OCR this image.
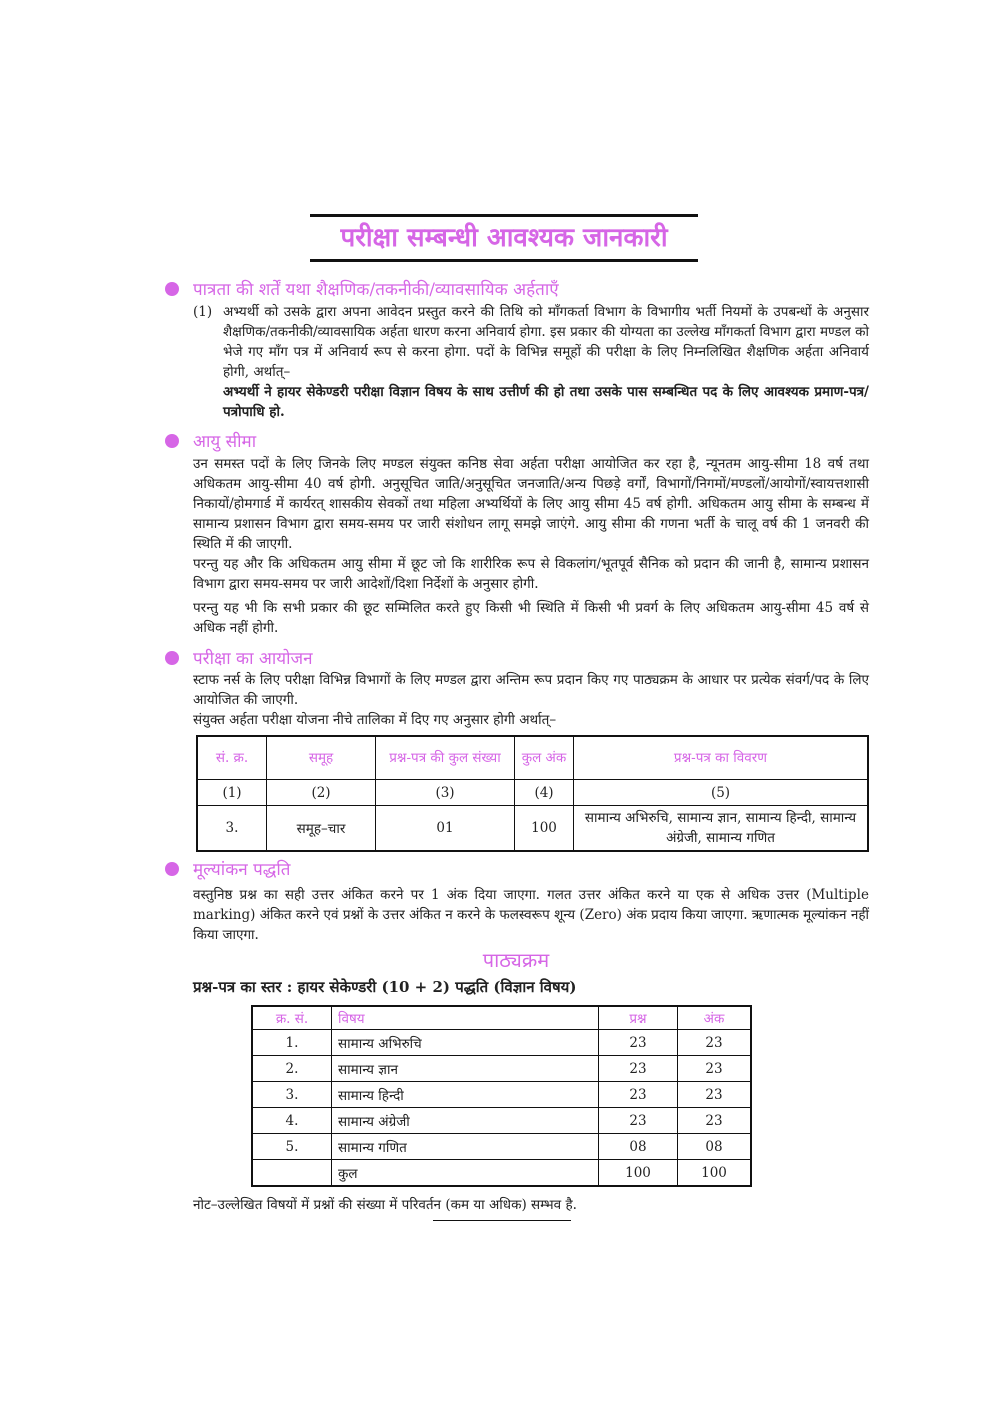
परीक्षा सम्बन्धी आवश्यक जानकारी
पात्रता की शर्तें यथा शैक्षणिक/तकनीकी/व्यावसायिक अर्हताएँ
(1) अभ्यर्थी को उसके द्वारा अपना आवेदन प्रस्तुत करने की तिथि को माँगकर्ता विभाग के विभागीय भर्ती नियमों के उपबन्धों के अनुसार शैक्षणिक/तकनीकी/व्यावसायिक अर्हता धारण करना अनिवार्य होगा. इस प्रकार की योग्यता का उल्लेख माँगकर्ता विभाग द्वारा मण्डल को भेजे गए माँग पत्र में अनिवार्य रूप से करना होगा. पदों के विभिन्न समूहों की परीक्षा के लिए निम्नलिखित शैक्षणिक अर्हता अनिवार्य होगी, अर्थात्–

अभ्यर्थी ने हायर सेकेण्डरी परीक्षा विज्ञान विषय के साथ उत्तीर्ण की हो तथा उसके पास सम्बन्धित पद के लिए आवश्यक प्रमाण-पत्र/पत्रोपाधि हो.

आयु सीमा

उन समस्त पदों के लिए जिनके लिए मण्डल संयुक्त कनिष्ठ सेवा अर्हता परीक्षा आयोजित कर रहा है, न्यूनतम आयु-सीमा 18 वर्ष तथा अधिकतम आयु-सीमा 40 वर्ष होगी. अनुसूचित जाति/अनुसूचित जनजाति/अन्य पिछड़े वर्गों, विभागों/निगमों/मण्डलों/आयोगों/स्वायत्तशासी निकायों/होमगार्ड में कार्यरत् शासकीय सेवकों तथा महिला अभ्यर्थियों के लिए आयु सीमा 45 वर्ष होगी. अधिकतम आयु सीमा के सम्बन्ध में सामान्य प्रशासन विभाग द्वारा समय-समय पर जारी संशोधन लागू समझे जाएंगे. आयु सीमा की गणना भर्ती के चालू वर्ष की 1 जनवरी की स्थिति में की जाएगी.

परन्तु यह और कि अधिकतम आयु सीमा में छूट जो कि शारीरिक रूप से विकलांग/भूतपूर्व सैनिक को प्रदान की जानी है, सामान्य प्रशासन विभाग द्वारा समय-समय पर जारी आदेशों/दिशा निर्देशों के अनुसार होगी.

परन्तु यह भी कि सभी प्रकार की छूट सम्मिलित करते हुए किसी भी स्थिति में किसी भी प्रवर्ग के लिए अधिकतम आयु-सीमा 45 वर्ष से अधिक नहीं होगी.

परीक्षा का आयोजन

स्टाफ नर्स के लिए परीक्षा विभिन्न विभागों के लिए मण्डल द्वारा अन्तिम रूप प्रदान किए गए पाठ्यक्रम के आधार पर प्रत्येक संवर्ग/पद के लिए आयोजित की जाएगी.

संयुक्त अर्हता परीक्षा योजना नीचे तालिका में दिए गए अनुसार होगी अर्थात्–

सं. क्र.	समूह	प्रश्न-पत्र की कुल संख्या	कुल अंक	प्रश्न-पत्र का विवरण
(1)	(2)	(3)	(4)	(5)
3.	समूह–चार	01	100	सामान्य अभिरुचि, सामान्य ज्ञान, सामान्य हिन्दी, सामान्य अंग्रेजी, सामान्य गणित
मूल्यांकन पद्धति

वस्तुनिष्ठ प्रश्न का सही उत्तर अंकित करने पर 1 अंक दिया जाएगा. गलत उत्तर अंकित करने या एक से अधिक उत्तर (Multiple marking) अंकित करने एवं प्रश्नों के उत्तर अंकित न करने के फलस्वरूप शून्य (Zero) अंक प्रदाय किया जाएगा. ऋणात्मक मूल्यांकन नहीं किया जाएगा.

पाठ्यक्रम
प्रश्न-पत्र का स्तर : हायर सेकेण्डरी (10 + 2) पद्धति (विज्ञान विषय)
क्र. सं.	विषय	प्रश्न	अंक
1.	सामान्य अभिरुचि	23	23
2.	सामान्य ज्ञान	23	23
3.	सामान्य हिन्दी	23	23
4.	सामान्य अंग्रेजी	23	23
5.	सामान्य गणित	08	08
	कुल	100	100
नोट–उल्लेखित विषयों में प्रश्नों की संख्या में परिवर्तन (कम या अधिक) सम्भव है.
